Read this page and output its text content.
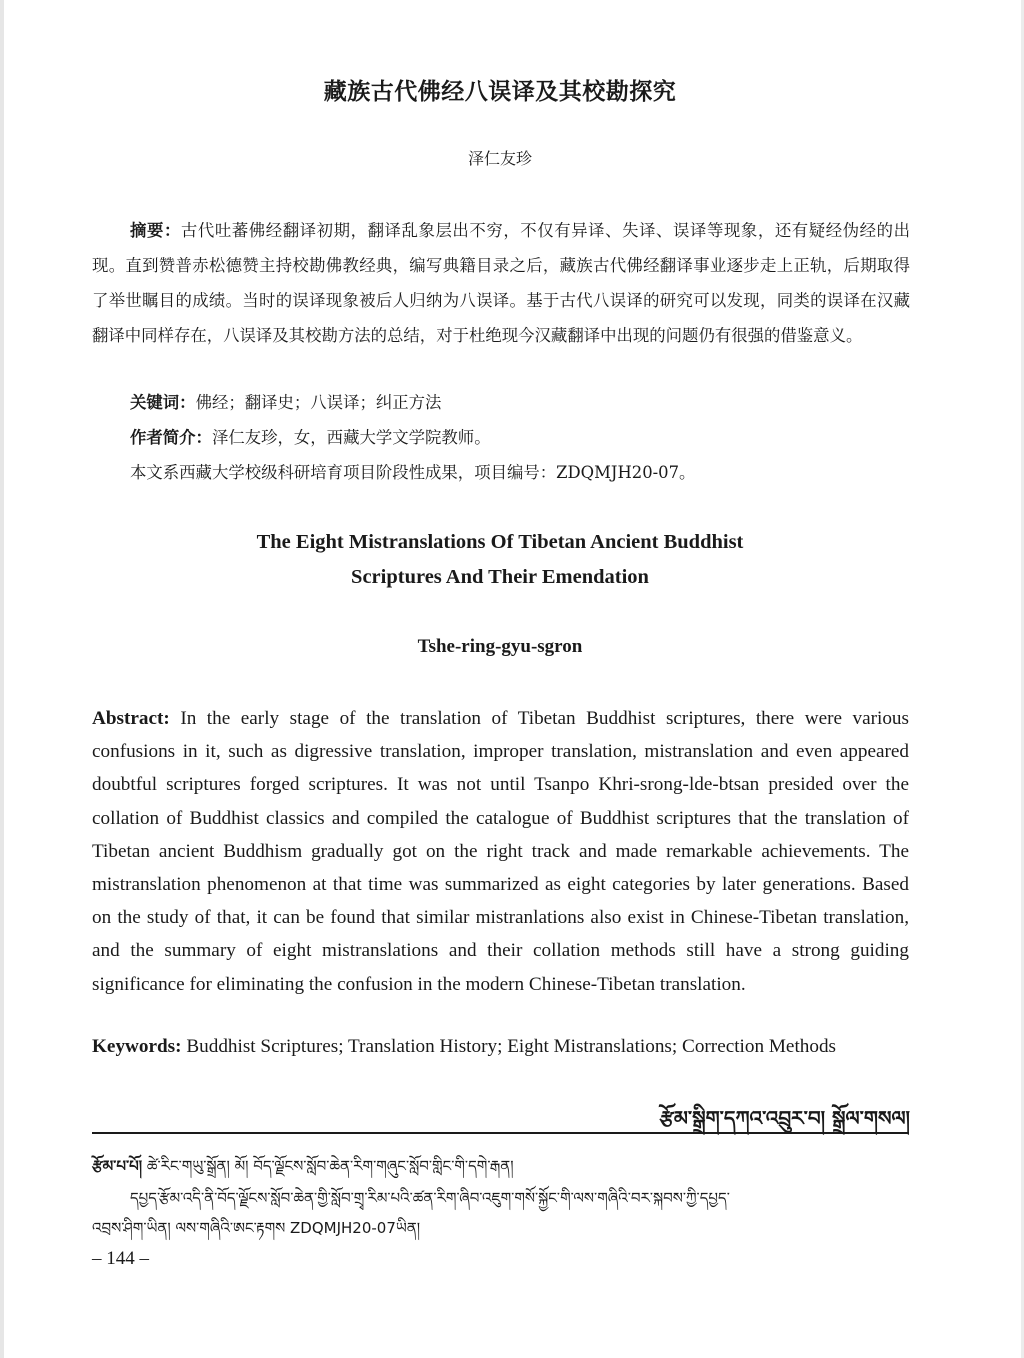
藏族古代佛经八误译及其校勘探究
泽仁友珍

摘要：古代吐蕃佛经翻译初期，翻译乱象层出不穷，不仅有异译、失译、误译等现象，还有疑经伪经的出现。直到赞普赤松德赞主持校勘佛教经典，编写典籍目录之后，藏族古代佛经翻译事业逐步走上正轨，后期取得了举世瞩目的成绩。当时的误译现象被后人归纳为八误译。基于古代八误译的研究可以发现，同类的误译在汉藏翻译中同样存在，八误译及其校勘方法的总结，对于杜绝现今汉藏翻译中出现的问题仍有很强的借鉴意义。

关键词：佛经；翻译史；八误译；纠正方法
作者简介：泽仁友珍，女，西藏大学文学院教师。
本文系西藏大学校级科研培育项目阶段性成果，项目编号：ZDQMJH20-07。
The Eight Mistranslations Of Tibetan Ancient Buddhist
Scriptures And Their Emendation
Tshe-ring-gyu-sgron

Abstract: In the early stage of the translation of Tibetan Buddhist scriptures, there were various confusions in it, such as digressive translation, improper translation, mistranslation and even appeared doubtful scriptures forged scriptures. It was not until Tsanpo Khri-srong-lde-btsan presided over the collation of Buddhist classics and compiled the catalogue of Buddhist scriptures that the translation of Tibetan ancient Buddhism gradually got on the right track and made remarkable achievements. The mistranslation phenomenon at that time was summarized as eight categories by later generations. Based on the study of that, it can be found that similar mistranlations also exist in Chinese-Tibetan translation, and the summary of eight mistranslations and their collation methods still have a strong guiding significance for eliminating the confusion in the modern Chinese-Tibetan translation.

Keywords: Buddhist Scriptures; Translation History; Eight Mistranslations; Correction Methods
རྩོམ་སྒྲིག་དཀའ་འབྲུར་བ། སྒྲོལ་གསལ།
རྩོམ་པ་པོ། ཚེ་རིང་གཡུ་སྒྲོན། མོ། བོད་ལྗོངས་སློབ་ཆེན་རིག་གཞུང་སློབ་གླིང་གི་དགེ་རྒན།
དཔྱད་རྩོམ་འདི་ནི་བོད་ལྗོངས་སློབ་ཆེན་གྱི་སློབ་གྲྭ་རིམ་པའི་ཚན་རིག་ཞིབ་འཇུག་གསོ་སྐྱོང་གི་ལས་གཞིའི་བར་སྐབས་ཀྱི་དཔྱད་
འབྲས་ཤིག་ཡིན། ལས་གཞིའི་ཨང་རྟགས ZDQMJH20-07ཡིན།
– 144 –
